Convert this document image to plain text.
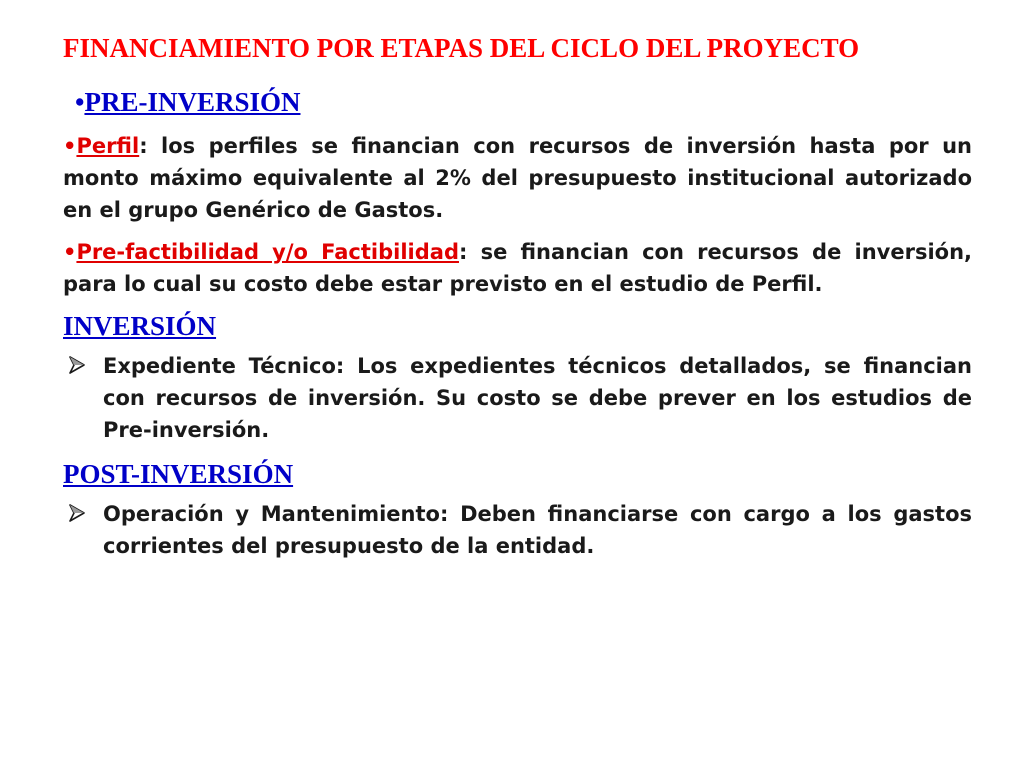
FINANCIAMIENTO POR ETAPAS DEL CICLO DEL PROYECTO
•PRE-INVERSIÓN

•Perfil: los perfiles se financian con recursos de inversión hasta por un monto máximo equivalente al 2% del presupuesto institucional autorizado en el grupo Genérico de Gastos.

•Pre-factibilidad y/o Factibilidad: se financian con recursos de inversión, para lo cual su costo debe estar previsto en el estudio de Perfil.

INVERSIÓN
Expediente Técnico: Los expedientes técnicos detallados, se financian con recursos de inversión. Su costo se debe prever en los estudios de Pre-inversión.
POST-INVERSIÓN
Operación y Mantenimiento: Deben financiarse con cargo a los gastos corrientes del presupuesto de la entidad.
